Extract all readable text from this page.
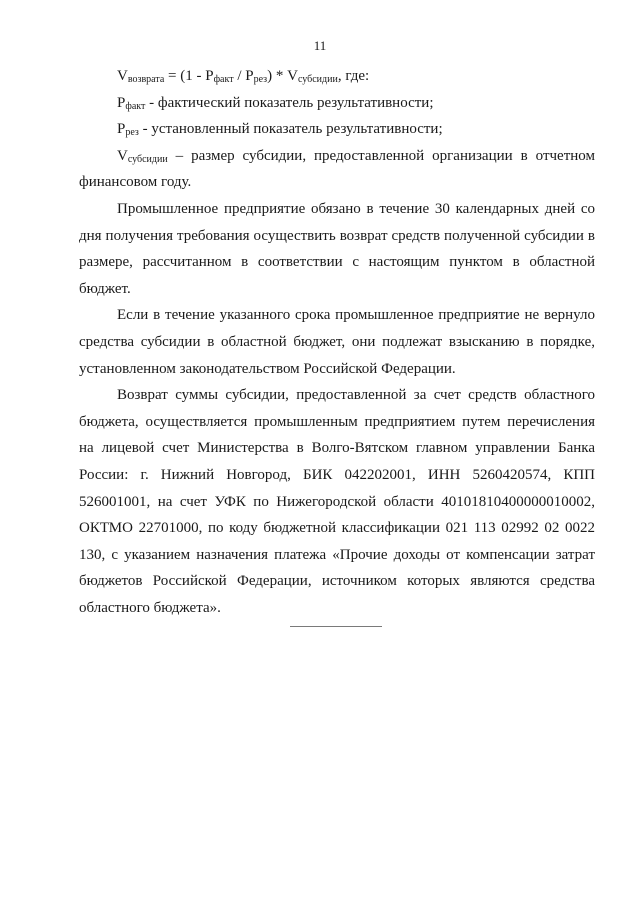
11
$V_{возврата} = (1 - P_{факт} / P_{рез}) * V_{субсидии}$, где:
$P_{факт}$ - фактический показатель результативности;
$P_{рез}$ - установленный показатель результативности;
$V_{субсидии}$ – размер субсидии, предоставленной организации в отчетном
финансовом году.
Промышленное предприятие обязано в течение 30 календарных дней со
дня получения требования осуществить возврат средств полученной субсидии в
размере, рассчитанном в соответствии с настоящим пунктом в областной
бюджет.
Если в течение указанного срока промышленное предприятие не вернуло
средства субсидии в областной бюджет, они подлежат взысканию в порядке,
установленном законодательством Российской Федерации.
Возврат суммы субсидии, предоставленной за счет средств областного
бюджета, осуществляется промышленным предприятием путем перечисления
на лицевой счет Министерства в Волго-Вятском главном управлении Банка
России: г. Нижний Новгород, БИК 042202001, ИНН 5260420574, КПП
526001001, на счет УФК по Нижегородской области 40101810400000010002,
ОКТМО 22701000, по коду бюджетной классификации 021 113 02992 02 0022
130, с указанием назначения платежа «Прочие доходы от компенсации затрат
бюджетов Российской Федерации, источником которых являются средства
областного бюджета».
